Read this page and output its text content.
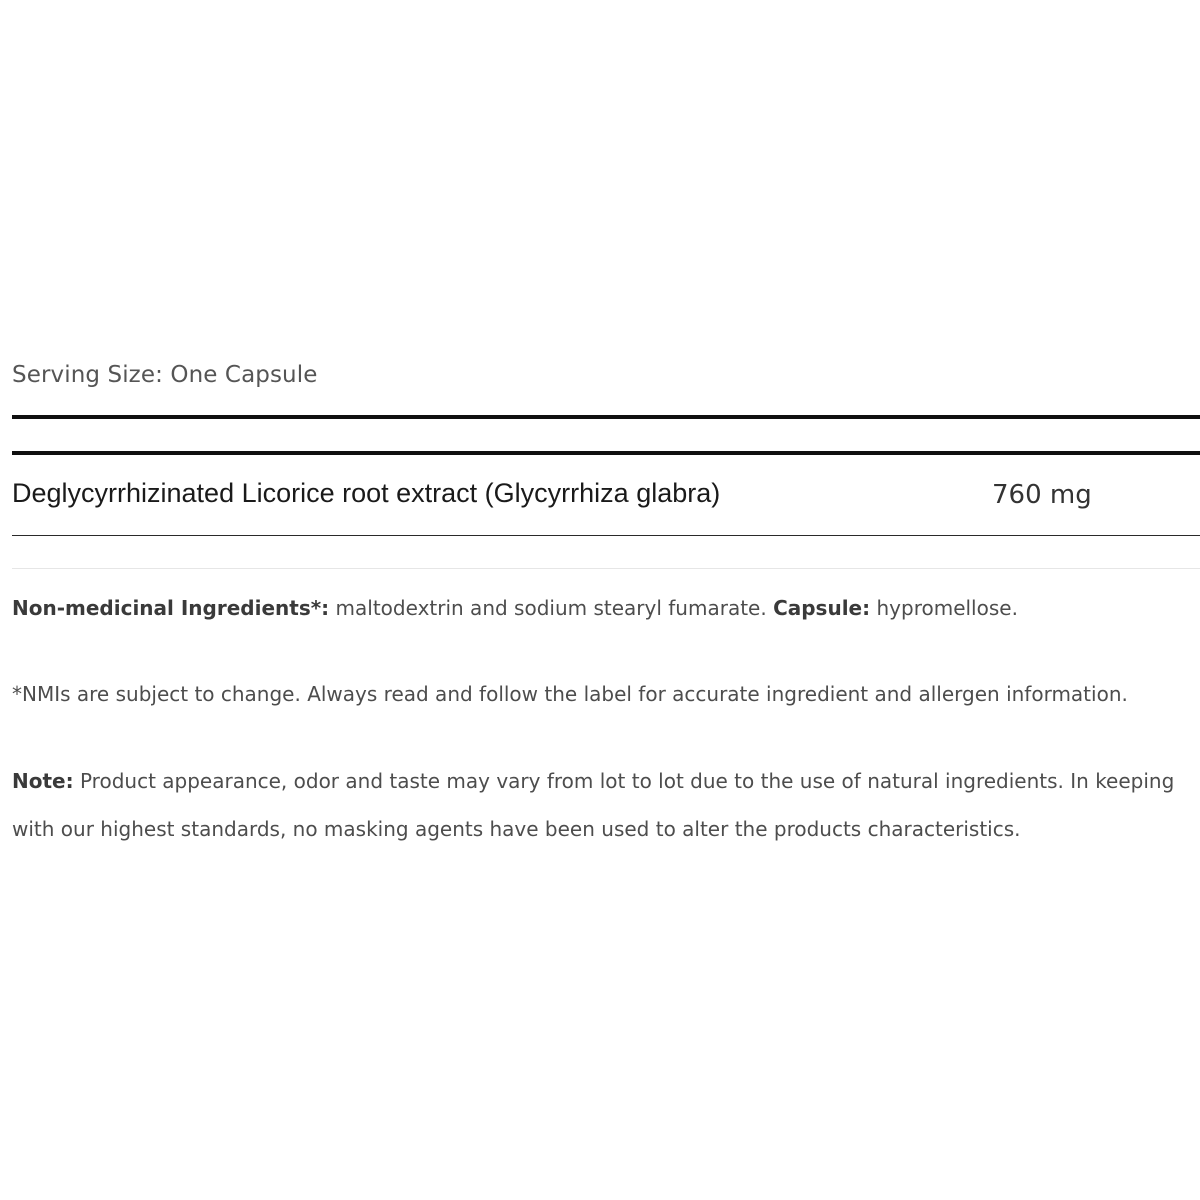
Serving Size: One Capsule
Deglycyrrhizinated Licorice root extract (Glycyrrhiza glabra)	760 mg
Non-medicinal Ingredients*: maltodextrin and sodium stearyl fumarate. Capsule: hypromellose.
*NMIs are subject to change. Always read and follow the label for accurate ingredient and allergen information.
Note: Product appearance, odor and taste may vary from lot to lot due to the use of natural ingredients. In keeping with our highest standards, no masking agents have been used to alter the products characteristics.
